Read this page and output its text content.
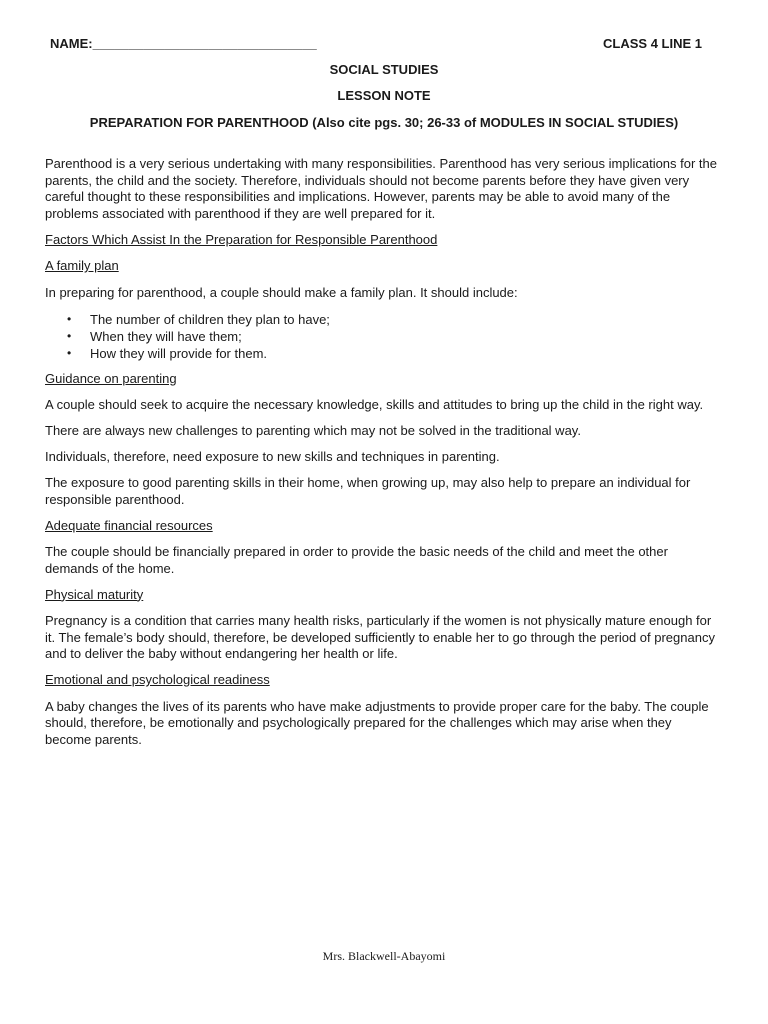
NAME:_______________________________	CLASS 4 LINE 1
SOCIAL STUDIES
LESSON NOTE
PREPARATION FOR PARENTHOOD (Also cite pgs. 30; 26-33 of MODULES IN SOCIAL STUDIES)

Parenthood is a very serious undertaking with many responsibilities. Parenthood has very serious implications for the parents, the child and the society. Therefore, individuals should not become parents before they have given very careful thought to these responsibilities and implications. However, parents may be able to avoid many of the problems associated with parenthood if they are well prepared for it.

Factors Which Assist In the Preparation for Responsible Parenthood

A family plan

In preparing for parenthood, a couple should make a family plan. It should include:

• The number of children they plan to have;
• When they will have them;
• How they will provide for them.

Guidance on parenting

A couple should seek to acquire the necessary knowledge, skills and attitudes to bring up the child in the right way.

There are always new challenges to parenting which may not be solved in the traditional way.

Individuals, therefore, need exposure to new skills and techniques in parenting.

The exposure to good parenting skills in their home, when growing up, may also help to prepare an individual for responsible parenthood.

Adequate financial resources

The couple should be financially prepared in order to provide the basic needs of the child and meet the other demands of the home.

Physical maturity

Pregnancy is a condition that carries many health risks, particularly if the women is not physically mature enough for it. The female’s body should, therefore, be developed sufficiently to enable her to go through the period of pregnancy and to deliver the baby without endangering her health or life.

Emotional and psychological readiness

A baby changes the lives of its parents who have make adjustments to provide proper care for the baby. The couple should, therefore, be emotionally and psychologically prepared for the challenges which may arise when they become parents.

Mrs. Blackwell-Abayomi
